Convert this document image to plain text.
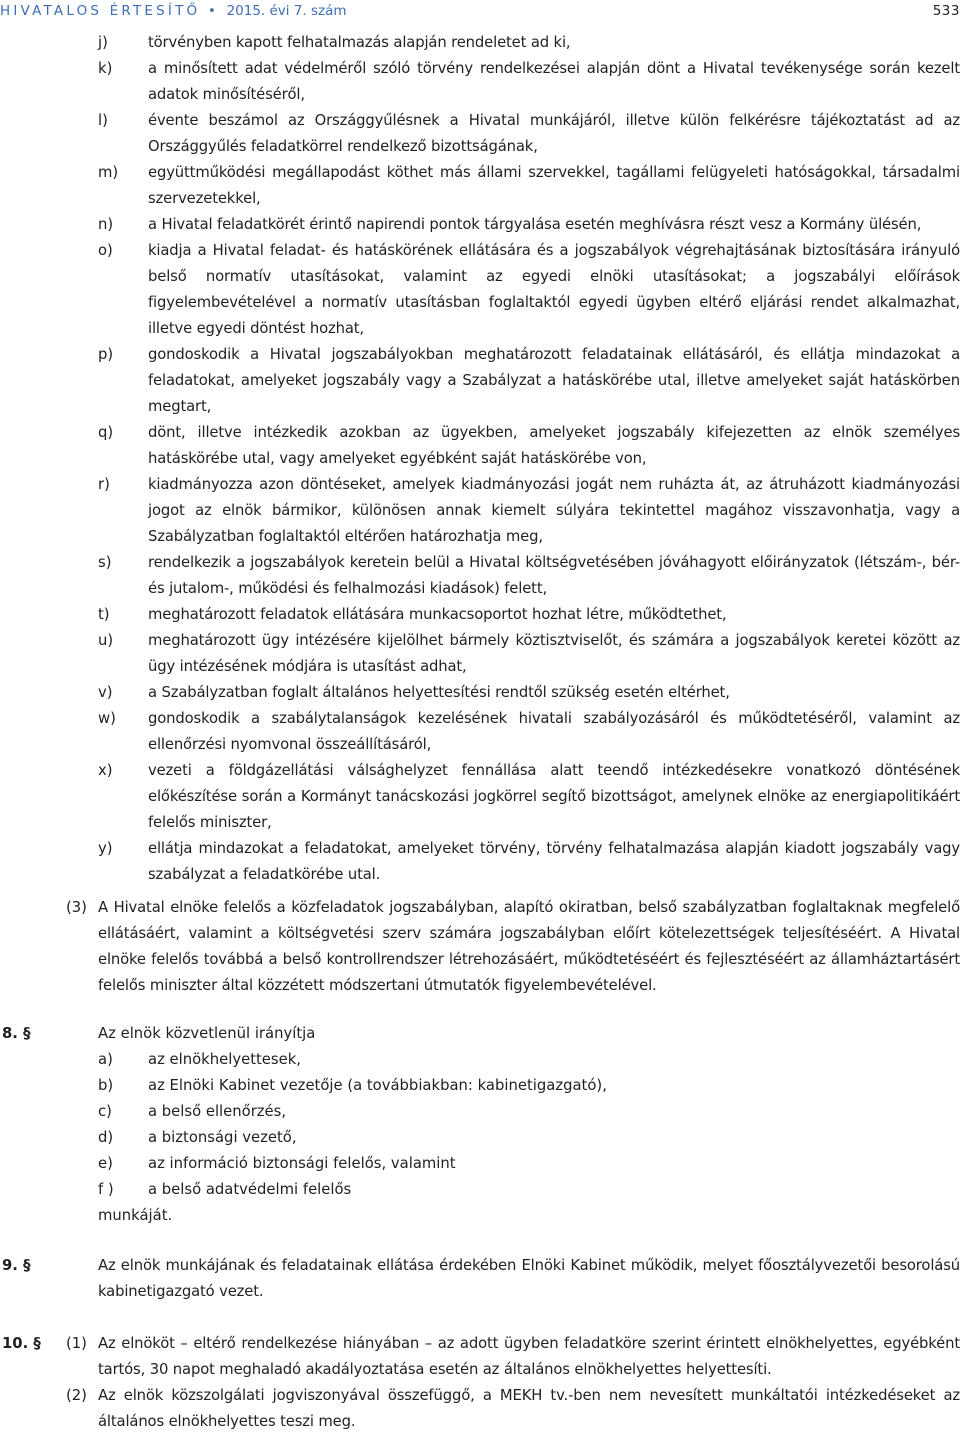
HIVATALOS ÉRTESÍTŐ • 2015. évi 7. szám	533
j)	törvényben kapott felhatalmazás alapján rendeletet ad ki,
k) a minősített adat védelméről szóló törvény rendelkezései alapján dönt a Hivatal tevékenysége során kezelt adatok minősítéséről,
l)	évente beszámol az Országgyűlésnek a Hivatal munkájáról, illetve külön felkérésre tájékoztatást ad az Országgyűlés feladatkörrel rendelkező bizottságának,
m) együttműködési megállapodást köthet más állami szervekkel, tagállami felügyeleti hatóságokkal, társadalmi szervezetekkel,
n) a Hivatal feladatkörét érintő napirendi pontok tárgyalása esetén meghívásra részt vesz a Kormány ülésén,
o) kiadja a Hivatal feladat- és hatáskörének ellátására és a jogszabályok végrehajtásának biztosítására irányuló belső normatív utasításokat, valamint az egyedi elnöki utasításokat; a jogszabályi előírások figyelembevételével a normatív utasításban foglaltaktól egyedi ügyben eltérő eljárási rendet alkalmazhat, illetve egyedi döntést hozhat,
p) gondoskodik a Hivatal jogszabályokban meghatározott feladatainak ellátásáról, és ellátja mindazokat a feladatokat, amelyeket jogszabály vagy a Szabályzat a hatáskörébe utal, illetve amelyeket saját hatáskörben megtart,
q) dönt, illetve intézkedik azokban az ügyekben, amelyeket jogszabály kifejezetten az elnök személyes hatáskörébe utal, vagy amelyeket egyébként saját hatáskörébe von,
r)	kiadmányozza azon döntéseket, amelyek kiadmányozási jogát nem ruházta át, az átruházott kiadmányozási jogot az elnök bármikor, különösen annak kiemelt súlyára tekintettel magához visszavonhatja, vagy a Szabályzatban foglaltaktól eltérően határozhatja meg,
s) rendelkezik a jogszabályok keretein belül a Hivatal költségvetésében jóváhagyott előirányzatok (létszám-, bér- és jutalom-, működési és felhalmozási kiadások) felett,
t)	meghatározott feladatok ellátására munkacsoportot hozhat létre, működtethet,
u) meghatározott ügy intézésére kijelölhet bármely köztisztviselőt, és számára a jogszabályok keretei között az ügy intézésének módjára is utasítást adhat,
v) a Szabályzatban foglalt általános helyettesítési rendtől szükség esetén eltérhet,
w) gondoskodik a szabálytalanságok kezelésének hivatali szabályozásáról és működtetéséről, valamint az ellenőrzési nyomvonal összeállításáról,
x) vezeti a földgázellátási válsághelyzet fennállása alatt teendő intézkedésekre vonatkozó döntésének előkészítése során a Kormányt tanácskozási jogkörrel segítő bizottságot, amelynek elnöke az energiapolitikáért felelős miniszter,
y) ellátja mindazokat a feladatokat, amelyeket törvény, törvény felhatalmazása alapján kiadott jogszabály vagy szabályzat a feladatkörébe utal.
(3) A Hivatal elnöke felelős a közfeladatok jogszabályban, alapító okiratban, belső szabályzatban foglaltaknak megfelelő ellátásáért, valamint a költségvetési szerv számára jogszabályban előírt kötelezettségek teljesítéséért. A Hivatal elnöke felelős továbbá a belső kontrollrendszer létrehozásáért, működtetéséért és fejlesztéséért az államháztartásért felelős miniszter által közzétett módszertani útmutatók figyelembevételével.
8. §	Az elnök közvetlenül irányítja
a) az elnökhelyettesek,
b) az Elnöki Kabinet vezetője (a továbbiakban: kabinetigazgató),
c) a belső ellenőrzés,
d) a biztonsági vezető,
e) az információ biztonsági felelős, valamint
f ) a belső adatvédelmi felelős
munkáját.
9. §	Az elnök munkájának és feladatainak ellátása érdekében Elnöki Kabinet működik, melyet főosztályvezetői besorolású kabinetigazgató vezet.
10. § (1) Az elnököt – eltérő rendelkezése hiányában – az adott ügyben feladatköre szerint érintett elnökhelyettes, egyébként tartós, 30 napot meghaladó akadályoztatása esetén az általános elnökhelyettes helyettesíti.
(2) Az elnök közszolgálati jogviszonyával összefüggő, a MEKH tv.-ben nem nevesített munkáltatói intézkedéseket az általános elnökhelyettes teszi meg.
